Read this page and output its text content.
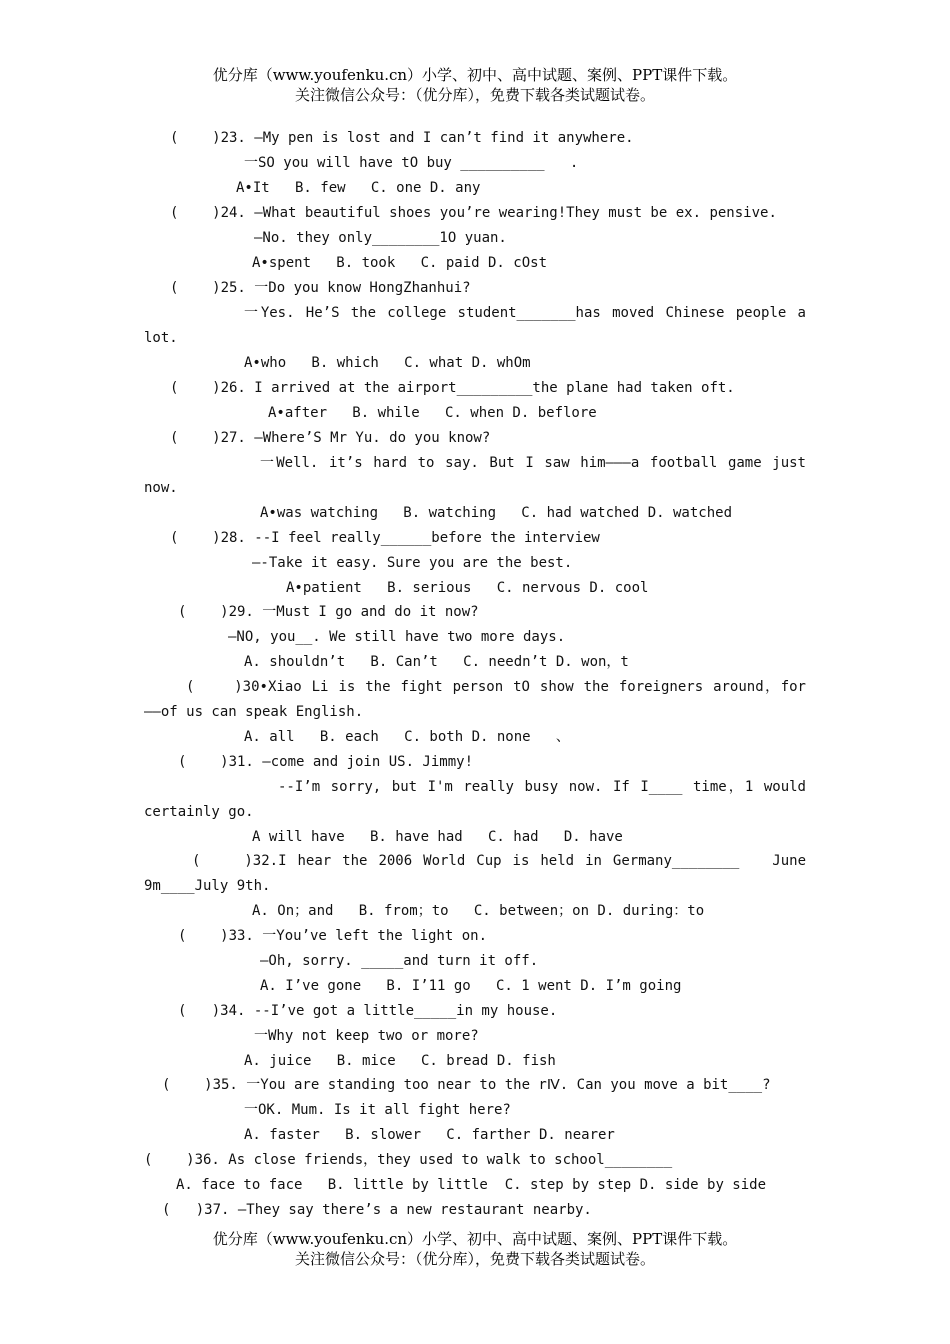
优分库（www.youfenku.cn）小学、初中、高中试题、案例、PPT课件下载。
关注微信公众号：（优分库），免费下载各类试题试卷。
(    )23. —My pen is lost and I can’t find it anywhere.
一SO you will have tO buy __________   .
A•It   B. few   C. one D. any
(    )24. —What beautiful shoes you’re wearing!They must be ex. pensive.
—No. they only________1O yuan.
A•spent   B. took   C. paid D. cOst
(    )25. 一Do you know HongZhanhui?
一Yes. He’S the college student_______has moved Chinese people a
lot.
A•who   B. which   C. what D. whOm
(    )26. I arrived at the airport_________the plane had taken oft.
A•after   B. while   C. when D. beflore
(    )27. —Where’S Mr Yu. do you know?
一Well. it’s hard to say. But I saw him———a football game just
now.
A•was watching   B. watching   C. had watched D. watched
(    )28. --I feel really______before the interview
—-Take it easy. Sure you are the best.
A•patient   B. serious   C. nervous D. cool
(    )29. 一Must I go and do it now?
—NO, you__. We still have two more days.
A. shouldn’t   B. Can’t   C. needn’t D. won，t
(    )30•Xiao Li is the fight person tO show the foreigners around，for
——of us can speak English.
A. all   B. each   C. both D. none   、
(    )31. —come and join US. Jimmy!
--I’m sorry, but I'm really busy now. If I____ time，1 would
certainly go.
A will have   B. have had   C. had   D. have
(    )32.I hear the 2006 World Cup is held in Germany________   June
9m____July 9th.
A. On；and   B. from；to   C. between；on D. during：to
(    )33. 一You’ve left the light on.
—Oh, sorry. _____and turn it off.
A. I’ve gone   B. I’11 go   C. 1 went D. I’m going
(   )34. --I’ve got a little_____in my house.
一Why not keep two or more?
A. juice   B. mice   C. bread D. fish
(    )35. 一You are standing too near to the rⅣ. Can you move a bit____?
一OK. Mum. Is it all fight here?
A. faster   B. slower   C. farther D. nearer
(    )36. As close friends，they used to walk to school________
A. face to face   B. little by little  C. step by step D. side by side
(   )37. —They say there’s a new restaurant nearby.
优分库（www.youfenku.cn）小学、初中、高中试题、案例、PPT课件下载。
关注微信公众号：（优分库），免费下载各类试题试卷。
